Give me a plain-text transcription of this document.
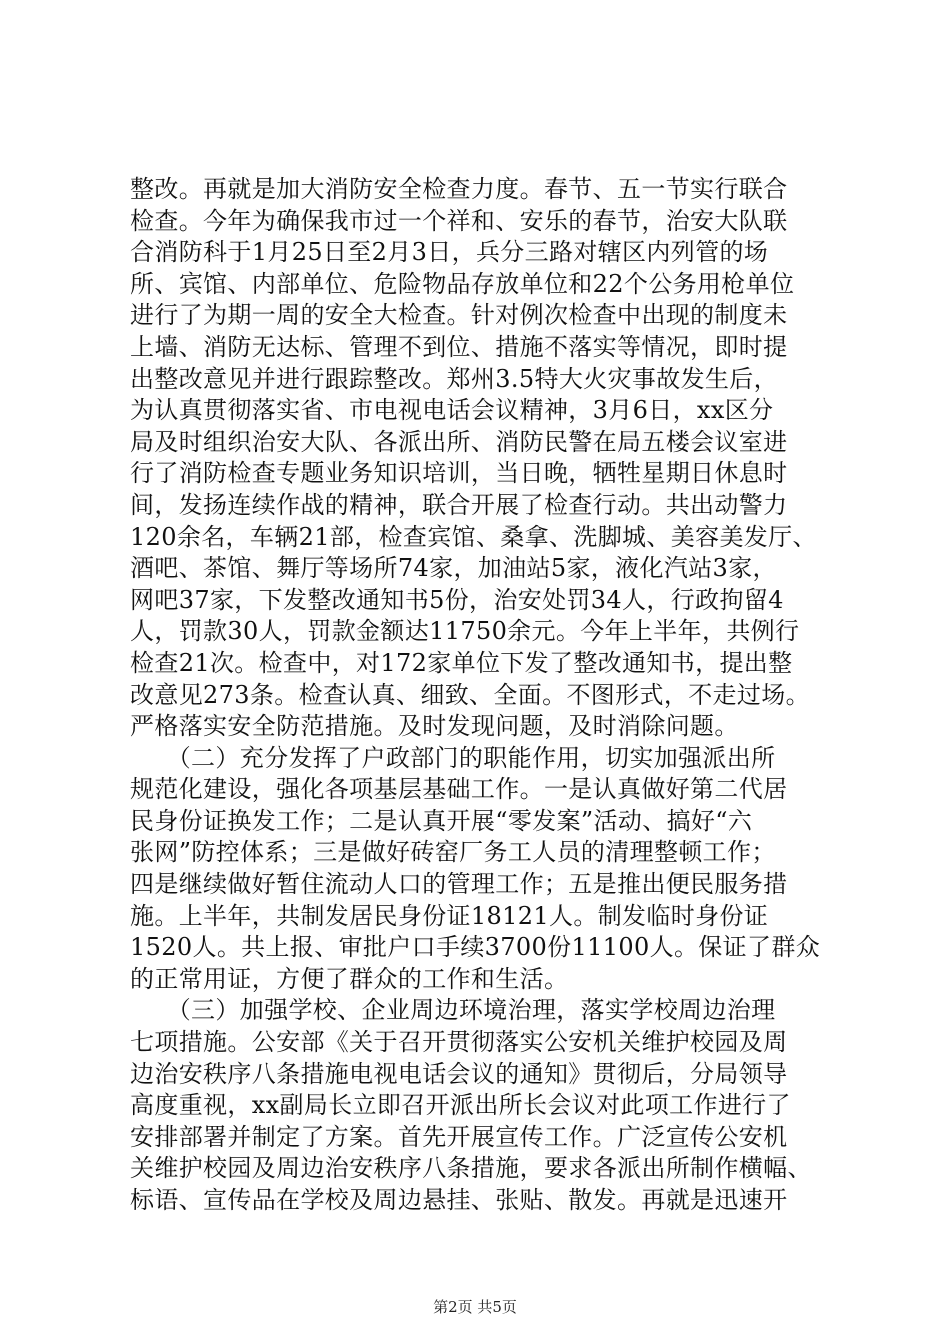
整改。再就是加大消防安全检查力度。春节、五一节实行联合
检查。今年为确保我市过一个祥和、安乐的春节，治安大队联
合消防科于1月25日至2月3日，兵分三路对辖区内列管的场
所、宾馆、内部单位、危险物品存放单位和22个公务用枪单位
进行了为期一周的安全大检查。针对例次检查中出现的制度未
上墙、消防无达标、管理不到位、措施不落实等情况，即时提
出整改意见并进行跟踪整改。郑州3.5特大火灾事故发生后，
为认真贯彻落实省、市电视电话会议精神，3月6日，xx区分
局及时组织治安大队、各派出所、消防民警在局五楼会议室进
行了消防检查专题业务知识培训，当日晚，牺牲星期日休息时
间，发扬连续作战的精神，联合开展了检查行动。共出动警力
120余名，车辆21部，检查宾馆、桑拿、洗脚城、美容美发厅、
酒吧、茶馆、舞厅等场所74家，加油站5家，液化汽站3家，
网吧37家，下发整改通知书5份，治安处罚34人，行政拘留4
人，罚款30人，罚款金额达11750余元。今年上半年，共例行
检查21次。检查中，对172家单位下发了整改通知书，提出整
改意见273条。检查认真、细致、全面。不图形式，不走过场。
严格落实安全防范措施。及时发现问题，及时消除问题。
　　（二）充分发挥了户政部门的职能作用，切实加强派出所
规范化建设，强化各项基层基础工作。一是认真做好第二代居
民身份证换发工作；二是认真开展“零发案”活动、搞好“六
张网”防控体系；三是做好砖窑厂务工人员的清理整顿工作；
四是继续做好暂住流动人口的管理工作；五是推出便民服务措
施。上半年，共制发居民身份证18121人。制发临时身份证
1520人。共上报、审批户口手续3700份11100人。保证了群众
的正常用证，方便了群众的工作和生活。
　　（三）加强学校、企业周边环境治理，落实学校周边治理
七项措施。公安部《关于召开贯彻落实公安机关维护校园及周
边治安秩序八条措施电视电话会议的通知》贯彻后，分局领导
高度重视，xx副局长立即召开派出所长会议对此项工作进行了
安排部署并制定了方案。首先开展宣传工作。广泛宣传公安机
关维护校园及周边治安秩序八条措施，要求各派出所制作横幅、
标语、宣传品在学校及周边悬挂、张贴、散发。再就是迅速开
第2页 共5页
